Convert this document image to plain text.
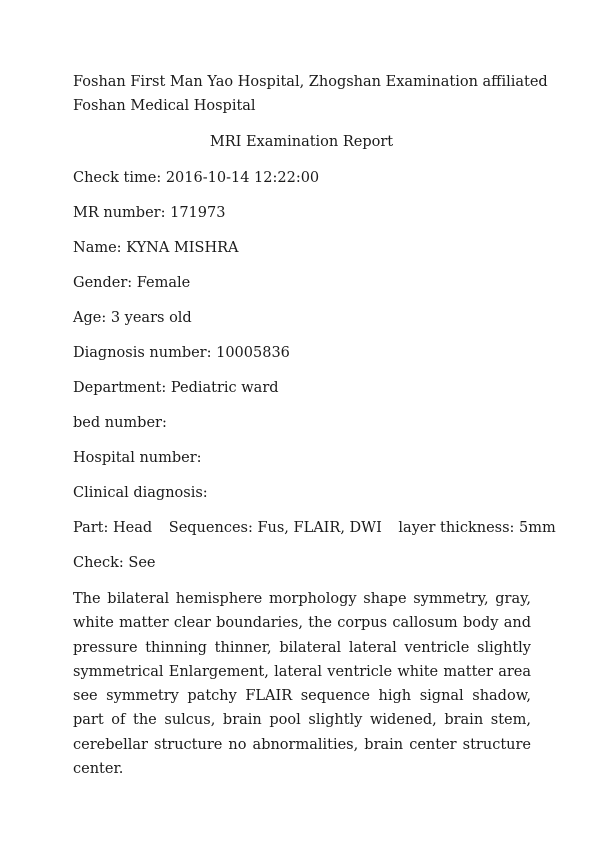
Foshan First Man Yao Hospital, Zhogshan Examination affiliated
Foshan Medical Hospital
MRI Examination Report
Check time: 2016-10-14 12:22:00
MR number: 171973
Name: KYNA MISHRA
Gender: Female
Age: 3 years old
Diagnosis number: 10005836
Department: Pediatric ward
bed number:
Hospital number:
Clinical diagnosis:
Part: Head Sequences: Fus, FLAIR, DWI layer thickness: 5mm
Check: See
The bilateral hemisphere morphology shape symmetry, gray, white matter clear boundaries, the corpus callosum body and pressure thinning thinner, bilateral lateral ventricle slightly symmetrical Enlargement, lateral ventricle white matter area see symmetry patchy FLAIR sequence high signal shadow, part of the sulcus, brain pool slightly widened, brain stem, cerebellar structure no abnormalities, brain center structure center.
